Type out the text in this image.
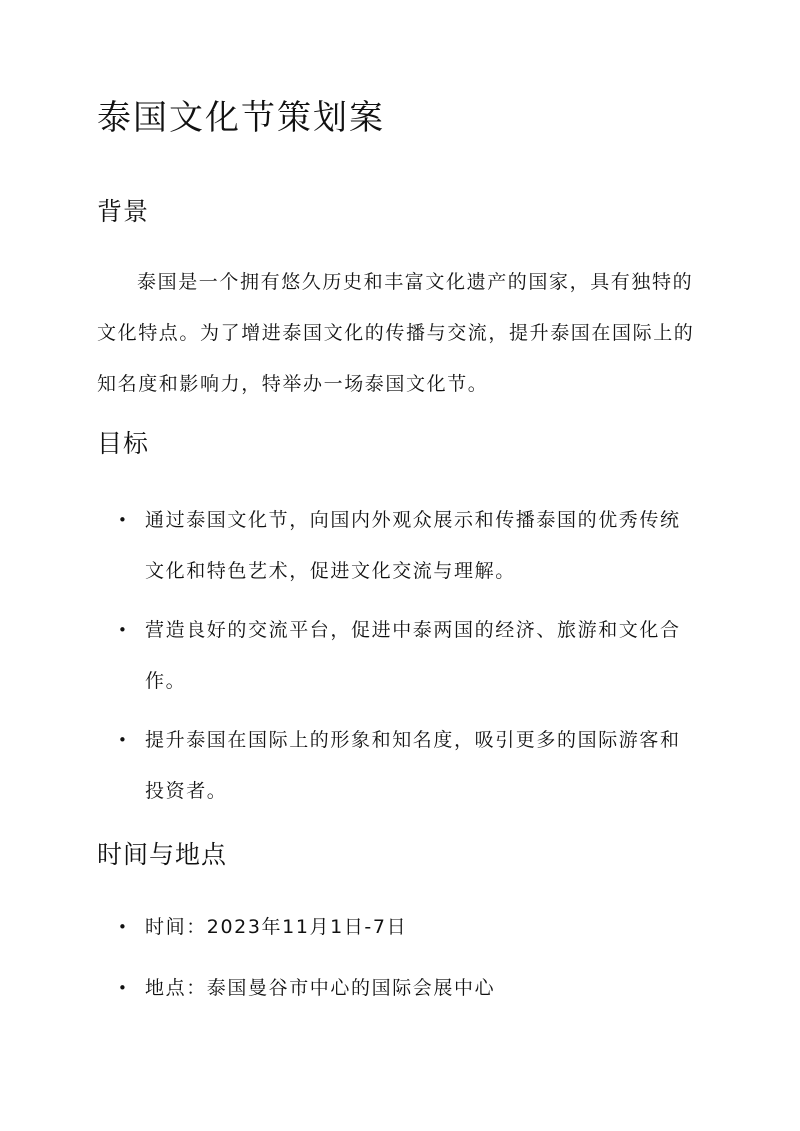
泰国文化节策划案
背景
泰国是一个拥有悠久历史和丰富文化遗产的国家，具有独特的
文化特点。为了增进泰国文化的传播与交流，提升泰国在国际上的
知名度和影响力，特举办一场泰国文化节。
目标
• 通过泰国文化节，向国内外观众展示和传播泰国的优秀传统
文化和特色艺术，促进文化交流与理解。
• 营造良好的交流平台，促进中泰两国的经济、旅游和文化合
作。
• 提升泰国在国际上的形象和知名度，吸引更多的国际游客和
投资者。
时间与地点
• 时间：2023年11月1日-7日
• 地点：泰国曼谷市中心的国际会展中心
